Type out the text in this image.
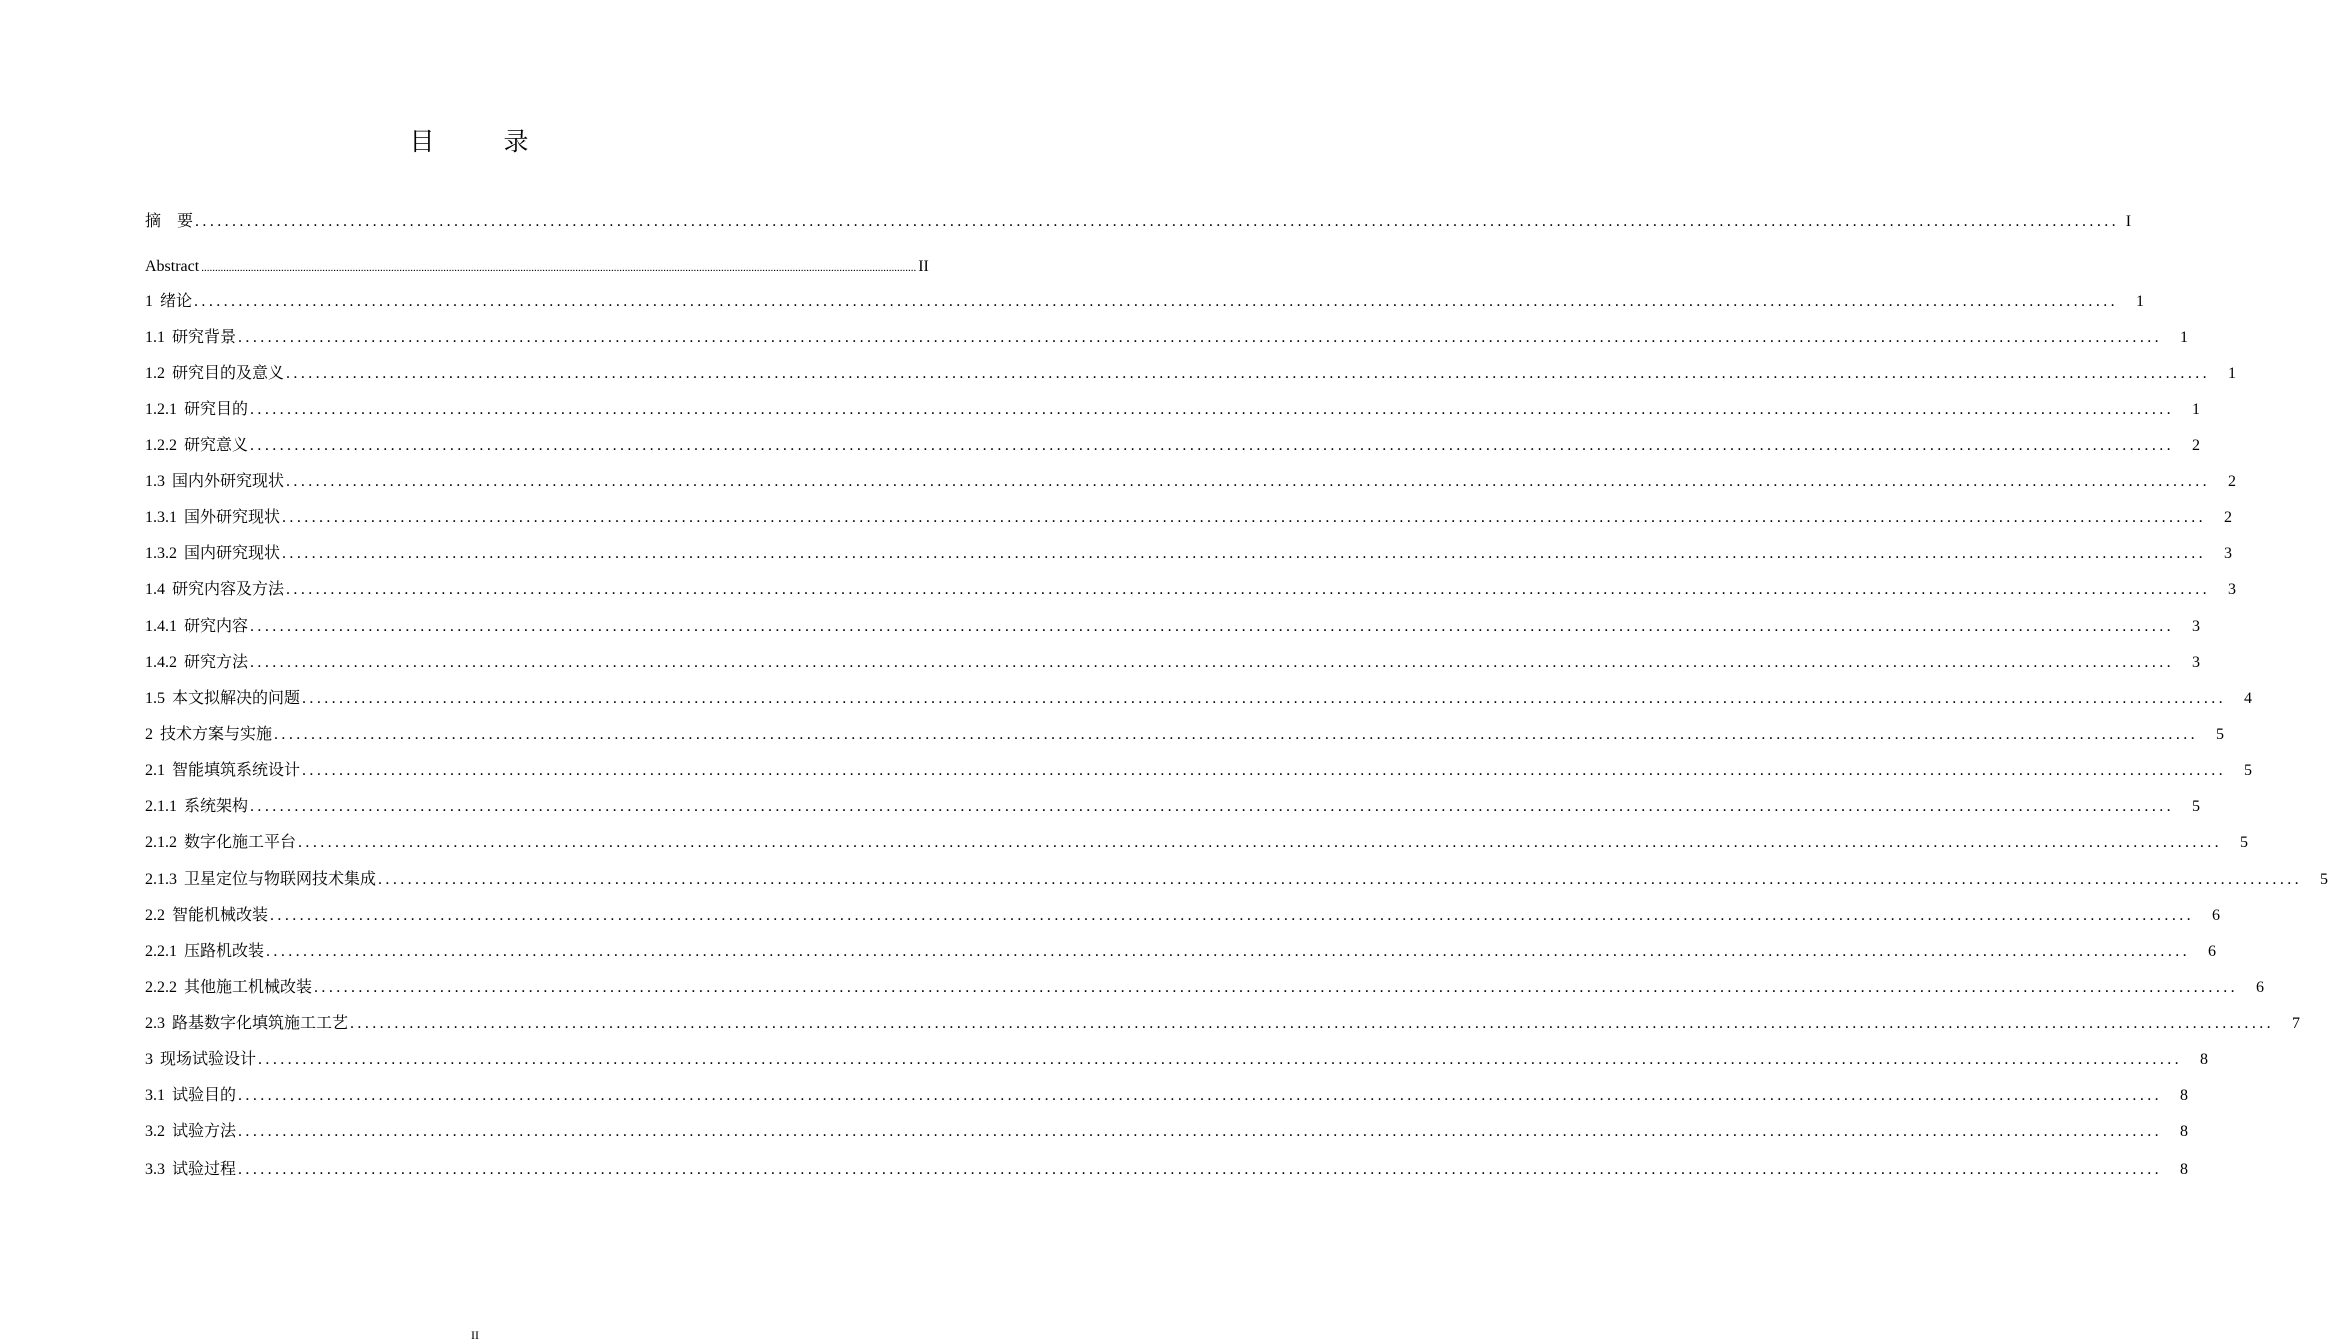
目　录
摘　要 .................................................................................................................................................................................................................................................................... I
Abstract .................................................................................................................................................................................................................................................................... II
1 绪论 ....................................................................................................................................................................................................................................................................	1
1.1 研究背景 ....................................................................................................................................................................................................................................................................	1
1.2 研究目的及意义 ....................................................................................................................................................................................................................................................................	1
1.2.1 研究目的 ....................................................................................................................................................................................................................................................................	1
1.2.2 研究意义 ....................................................................................................................................................................................................................................................................	2
1.3 国内外研究现状 ....................................................................................................................................................................................................................................................................	2
1.3.1 国外研究现状 ....................................................................................................................................................................................................................................................................	2
1.3.2 国内研究现状 ....................................................................................................................................................................................................................................................................	3
1.4 研究内容及方法 ....................................................................................................................................................................................................................................................................	3
1.4.1 研究内容 ....................................................................................................................................................................................................................................................................	3
1.4.2 研究方法 ....................................................................................................................................................................................................................................................................	3
1.5 本文拟解决的问题 ....................................................................................................................................................................................................................................................................	4
2 技术方案与实施 ....................................................................................................................................................................................................................................................................	5
2.1 智能填筑系统设计 ....................................................................................................................................................................................................................................................................	5
2.1.1 系统架构 ....................................................................................................................................................................................................................................................................	5
2.1.2 数字化施工平台 ....................................................................................................................................................................................................................................................................	5
2.1.3 卫星定位与物联网技术集成 ....................................................................................................................................................................................................................................................................	5
2.2 智能机械改装 ....................................................................................................................................................................................................................................................................	6
2.2.1 压路机改装 ....................................................................................................................................................................................................................................................................	6
2.2.2 其他施工机械改装 ....................................................................................................................................................................................................................................................................	6
2.3 路基数字化填筑施工工艺 ....................................................................................................................................................................................................................................................................	7
3 现场试验设计 ....................................................................................................................................................................................................................................................................	8
3.1 试验目的 ....................................................................................................................................................................................................................................................................	8
3.2 试验方法 ....................................................................................................................................................................................................................................................................	8
3.3 试验过程 ....................................................................................................................................................................................................................................................................	8
II
